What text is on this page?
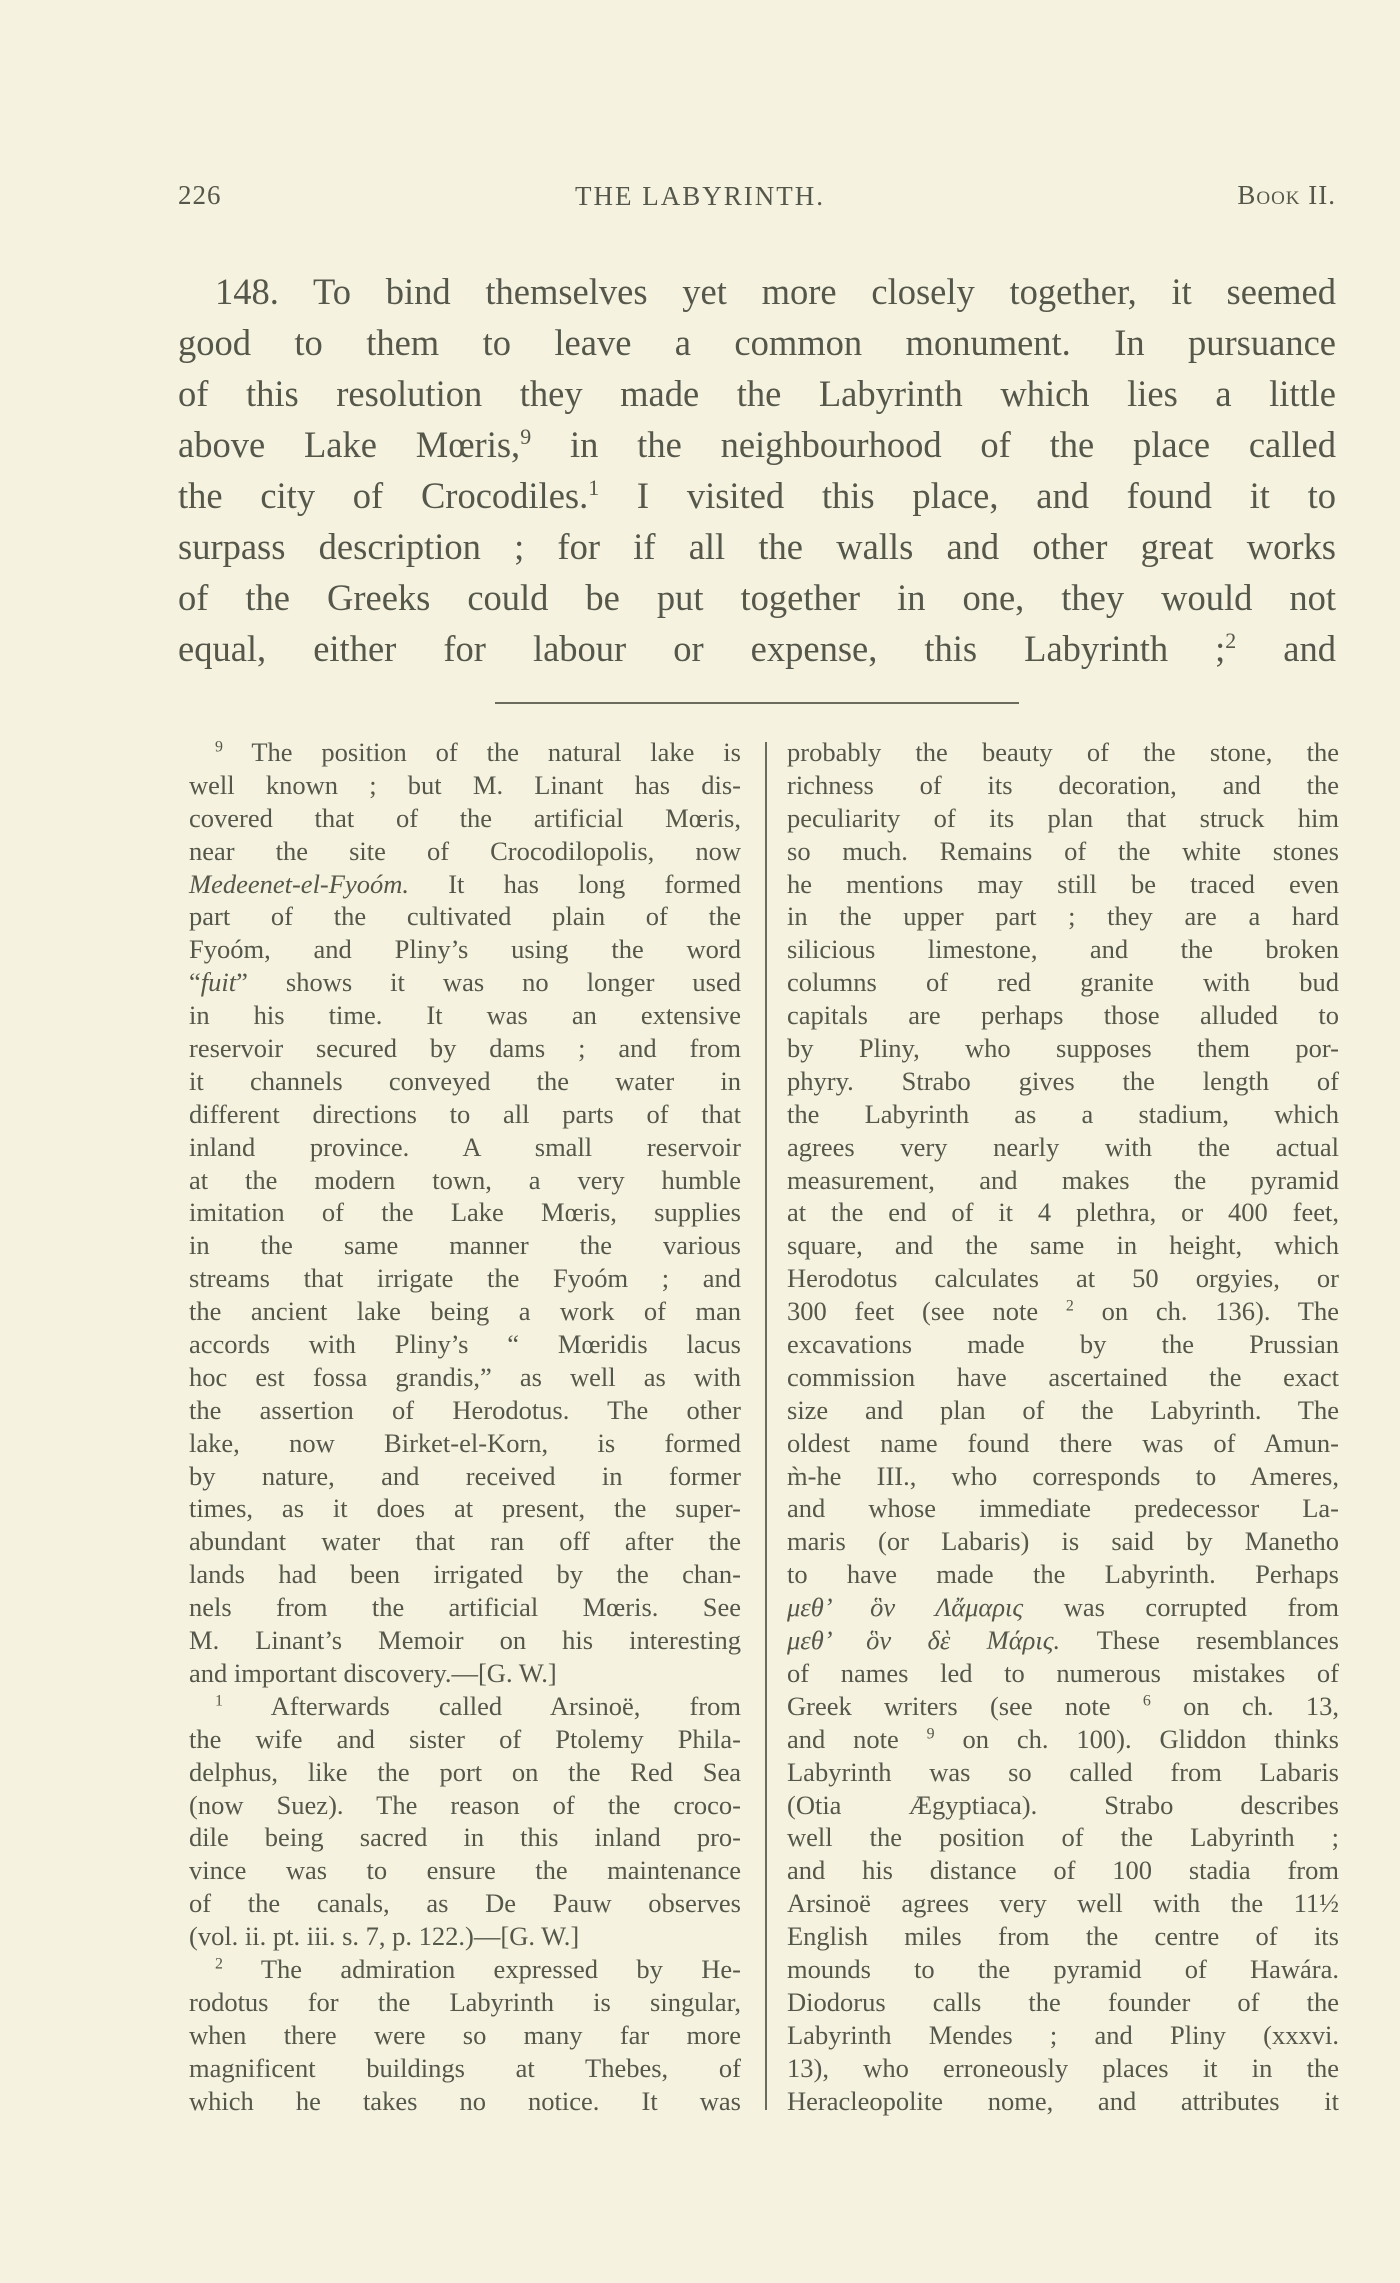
226	THE LABYRINTH.	Book II.
148. To bind themselves yet more closely together, it seemed
good to them to leave a common monument. In pursuance
of this resolution they made the Labyrinth which lies a little
above Lake Mœris,$^9$ in the neighbourhood of the place called
the city of Crocodiles.$^1$ I visited this place, and found it to
surpass description ; for if all the walls and other great works
of the Greeks could be put together in one, they would not
equal, either for labour or expense, this Labyrinth ;$^2$ and
$^9$ The position of the natural lake is
well known ; but M. Linant has dis-
covered that of the artificial Mœris,
near the site of Crocodilopolis, now
Medeenet-el-Fyoóm. It has long formed
part of the cultivated plain of the
Fyoóm, and Pliny’s using the word
“fuit” shows it was no longer used
in his time. It was an extensive
reservoir secured by dams ; and from
it channels conveyed the water in
different directions to all parts of that
inland province. A small reservoir
at the modern town, a very humble
imitation of the Lake Mœris, supplies
in the same manner the various
streams that irrigate the Fyoóm ; and
the ancient lake being a work of man
accords with Pliny’s “ Mœridis lacus
hoc est fossa grandis,” as well as with
the assertion of Herodotus. The other
lake, now Birket-el-Korn, is formed
by nature, and received in former
times, as it does at present, the super-
abundant water that ran off after the
lands had been irrigated by the chan-
nels from the artificial Mœris. See
M. Linant’s Memoir on his interesting
and important discovery.—[G. W.]
$^1$ Afterwards called Arsinoë, from
the wife and sister of Ptolemy Phila-
delphus, like the port on the Red Sea
(now Suez). The reason of the croco-
dile being sacred in this inland pro-
vince was to ensure the maintenance
of the canals, as De Pauw observes
(vol. ii. pt. iii. s. 7, p. 122.)—[G. W.]
$^2$ The admiration expressed by He-
rodotus for the Labyrinth is singular,
when there were so many far more
magnificent buildings at Thebes, of
which he takes no notice. It was
probably the beauty of the stone, the
richness of its decoration, and the
peculiarity of its plan that struck him
so much. Remains of the white stones
he mentions may still be traced even
in the upper part ; they are a hard
silicious limestone, and the broken
columns of red granite with bud
capitals are perhaps those alluded to
by Pliny, who supposes them por-
phyry. Strabo gives the length of
the Labyrinth as a stadium, which
agrees very nearly with the actual
measurement, and makes the pyramid
at the end of it 4 plethra, or 400 feet,
square, and the same in height, which
Herodotus calculates at 50 orgyies, or
300 feet (see note $^2$ on ch. 136). The
excavations made by the Prussian
commission have ascertained the exact
size and plan of the Labyrinth. The
oldest name found there was of Amun-
m̀-he III., who corresponds to Ameres,
and whose immediate predecessor La-
maris (or Labaris) is said by Manetho
to have made the Labyrinth. Perhaps
μεθ’ ὃν Λἄμαρις was corrupted from
μεθ’ ὃν δὲ Μάρις. These resemblances
of names led to numerous mistakes of
Greek writers (see note $^6$ on ch. 13,
and note $^9$ on ch. 100). Gliddon thinks
Labyrinth was so called from Labaris
(Otia Ægyptiaca). Strabo describes
well the position of the Labyrinth ;
and his distance of 100 stadia from
Arsinoë agrees very well with the 11½
English miles from the centre of its
mounds to the pyramid of Hawára.
Diodorus calls the founder of the
Labyrinth Mendes ; and Pliny (xxxvi.
13), who erroneously places it in the
Heracleopolite nome, and attributes it
